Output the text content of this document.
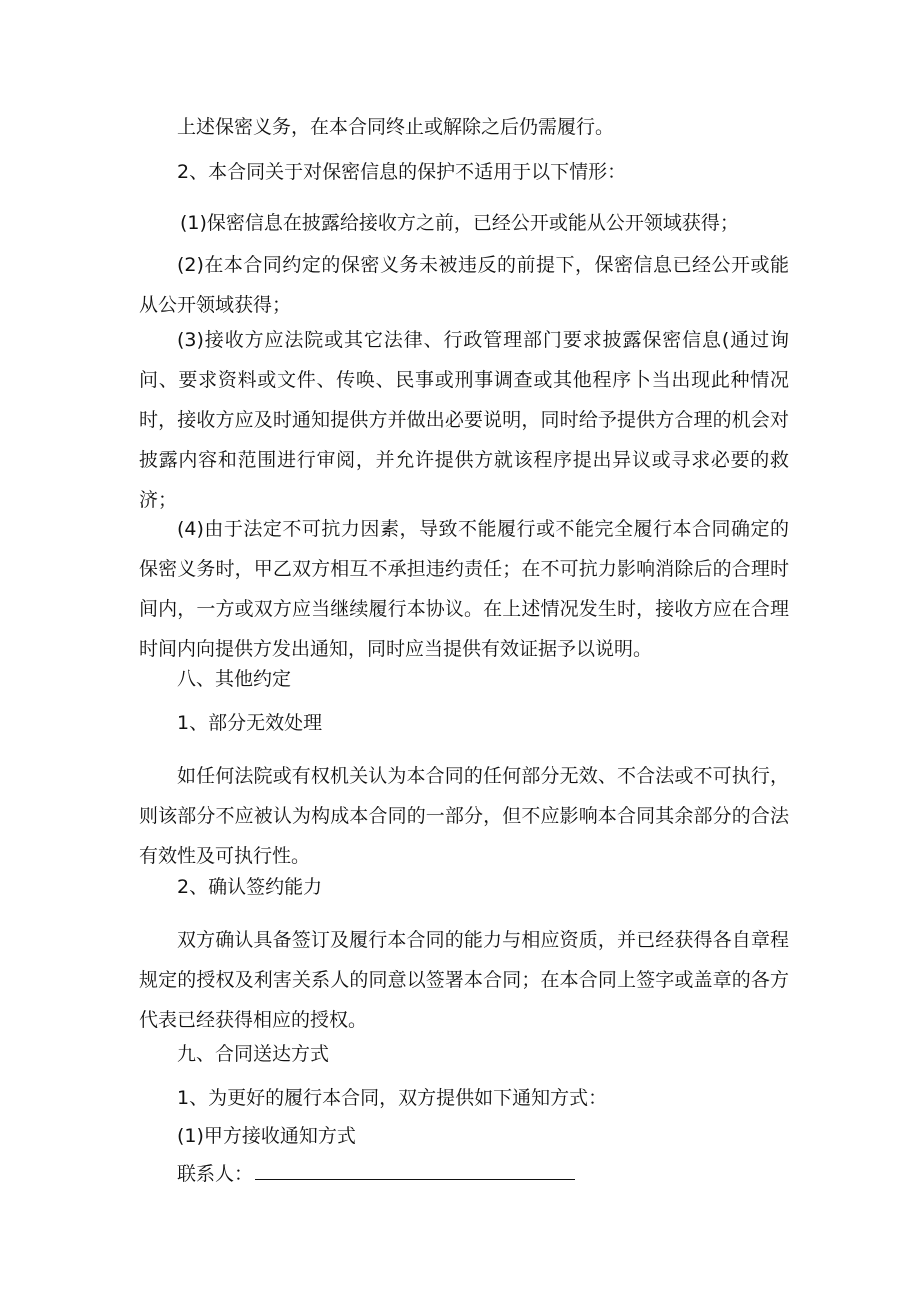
上述保密义务，在本合同终止或解除之后仍需履行。

2、本合同关于对保密信息的保护不适用于以下情形：

(1)保密信息在披露给接收方之前，已经公开或能从公开领域获得；

(2)在本合同约定的保密义务未被违反的前提下，保密信息已经公开或能从公开领域获得；

(3)接收方应法院或其它法律、行政管理部门要求披露保密信息(通过询问、要求资料或文件、传唤、民事或刑事调查或其他程序卜当出现此种情况时，接收方应及时通知提供方并做出必要说明，同时给予提供方合理的机会对披露内容和范围进行审阅，并允许提供方就该程序提出异议或寻求必要的救济；

(4)由于法定不可抗力因素，导致不能履行或不能完全履行本合同确定的保密义务时，甲乙双方相互不承担违约责任；在不可抗力影响消除后的合理时间内，一方或双方应当继续履行本协议。在上述情况发生时，接收方应在合理时间内向提供方发出通知，同时应当提供有效证据予以说明。

八、其他约定

1、部分无效处理

如任何法院或有权机关认为本合同的任何部分无效、不合法或不可执行，则该部分不应被认为构成本合同的一部分，但不应影响本合同其余部分的合法有效性及可执行性。

2、确认签约能力

双方确认具备签订及履行本合同的能力与相应资质，并已经获得各自章程规定的授权及利害关系人的同意以签署本合同；在本合同上签字或盖章的各方代表已经获得相应的授权。

九、合同送达方式

1、为更好的履行本合同，双方提供如下通知方式：

(1)甲方接收通知方式

联系人：
